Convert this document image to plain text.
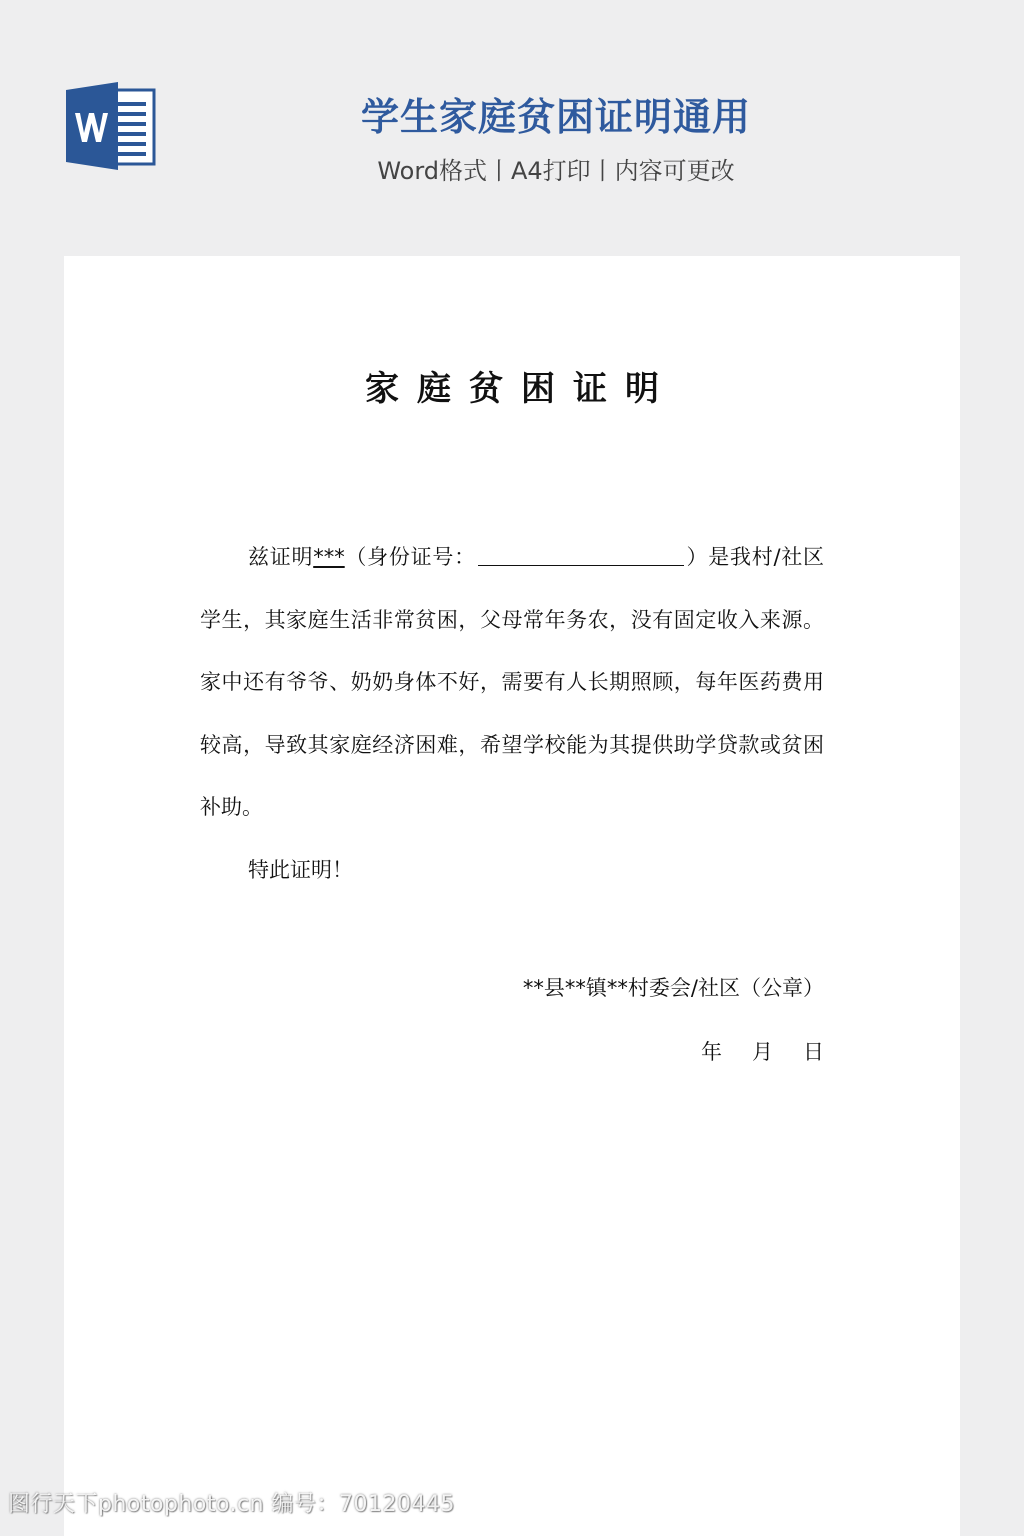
学生家庭贫困证明通用
Word格式丨A4打印丨内容可更改
家庭贫困证明

兹证明***（身份证号：	）是我村/社区学生，其家庭生活非常贫困，父母常年务农，没有固定收入来源。家中还有爷爷、奶奶身体不好，需要有人长期照顾，每年医药费用较高，导致其家庭经济困难，希望学校能为其提供助学贷款或贫困补助。

特此证明！

**县**镇**村委会/社区（公章）
年 月 日
图行天下photophoto.cn 编号：70120445
